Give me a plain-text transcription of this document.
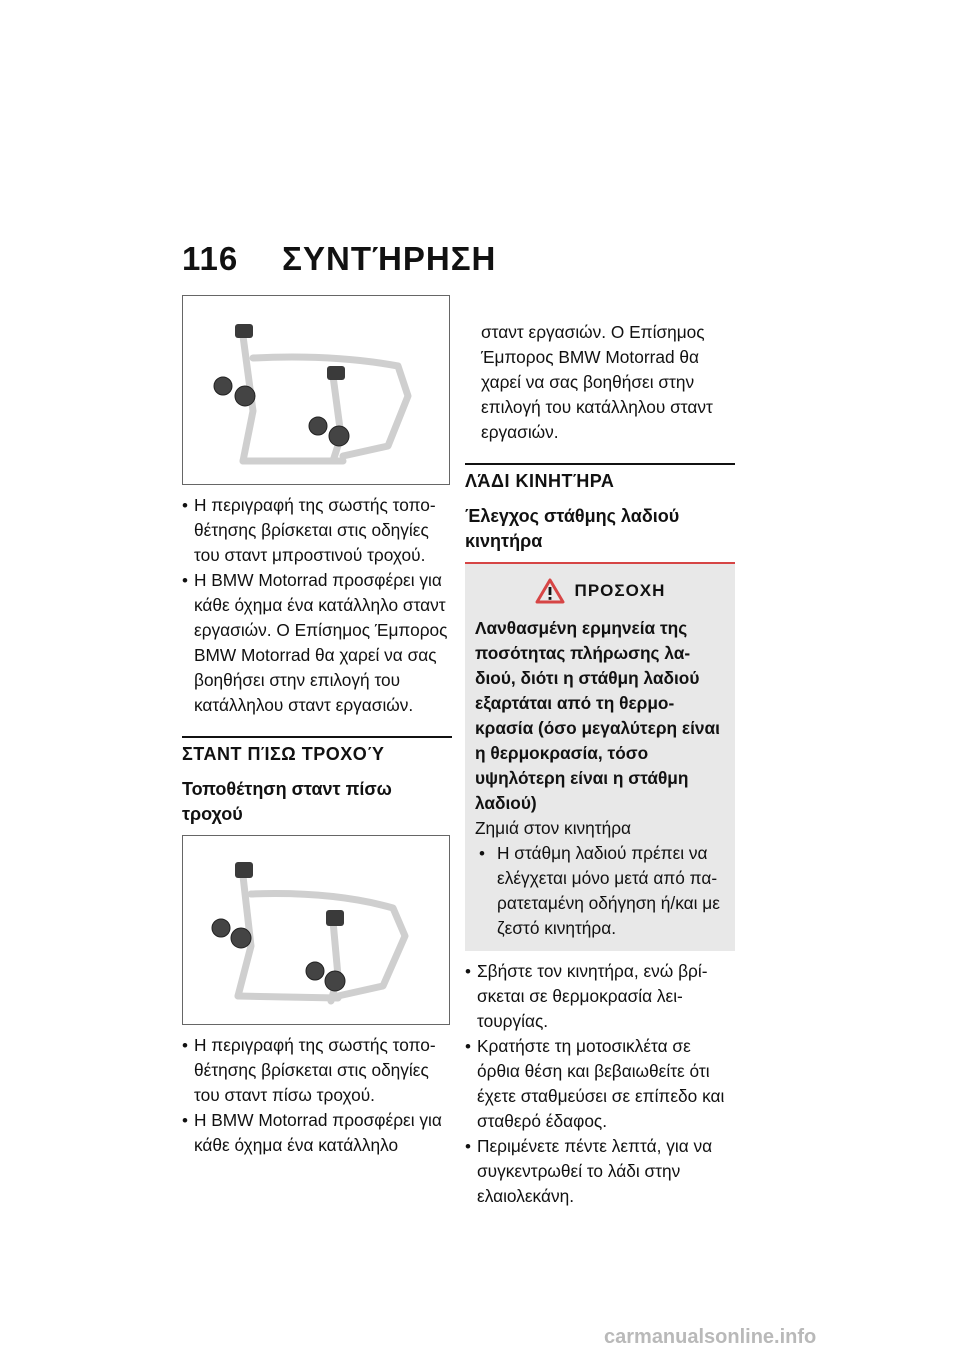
116 ΣΥΝΤΉΡΗΣΗ
• Η περιγραφή της σωστής τοπο-θέτησης βρίσκεται στις οδηγίες του σταντ μπροστινού τροχού.
• Η BMW Motorrad προσφέρει για κάθε όχημα ένα κατάλληλο σταντ εργασιών. Ο Επίσημος Έμπορος BMW Motorrad θα χαρεί να σας βοηθήσει στην επιλογή του κατάλληλου σταντ εργασιών.
ΣΤΑΝΤ ΠΊΣΩ ΤΡΟΧΟΎ
Τοποθέτηση σταντ πίσω τροχού
• Η περιγραφή της σωστής τοπο-θέτησης βρίσκεται στις οδηγίες του σταντ πίσω τροχού.
• Η BMW Motorrad προσφέρει για κάθε όχημα ένα κατάλληλο
σταντ εργασιών. Ο Επίσημος Έμπορος BMW Motorrad θα χαρεί να σας βοηθήσει στην επιλογή του κατάλληλου σταντ εργασιών.
ΛΆΔΙ ΚΙΝΗΤΉΡΑ
Έλεγχος στάθμης λαδιού κινητήρα
ΠΡΟΣΟΧΗ
Λανθασμένη ερμηνεία της ποσότητας πλήρωσης λα-διού, διότι η στάθμη λαδιού εξαρτάται από τη θερμο-κρασία (όσο μεγαλύτερη είναι η θερμοκρασία, τόσο υψηλότερη είναι η στάθμη λαδιού)
Ζημιά στον κινητήρα
• Η στάθμη λαδιού πρέπει να ελέγχεται μόνο μετά από πα-ρατεταμένη οδήγηση ή/και με ζεστό κινητήρα.
• Σβήστε τον κινητήρα, ενώ βρί-σκεται σε θερμοκρασία λει-τουργίας.
• Κρατήστε τη μοτοσικλέτα σε όρθια θέση και βεβαιωθείτε ότι έχετε σταθμεύσει σε επίπεδο και σταθερό έδαφος.
• Περιμένετε πέντε λεπτά, για να συγκεντρωθεί το λάδι στην ελαιολεκάνη.
carmanualsonline.info
